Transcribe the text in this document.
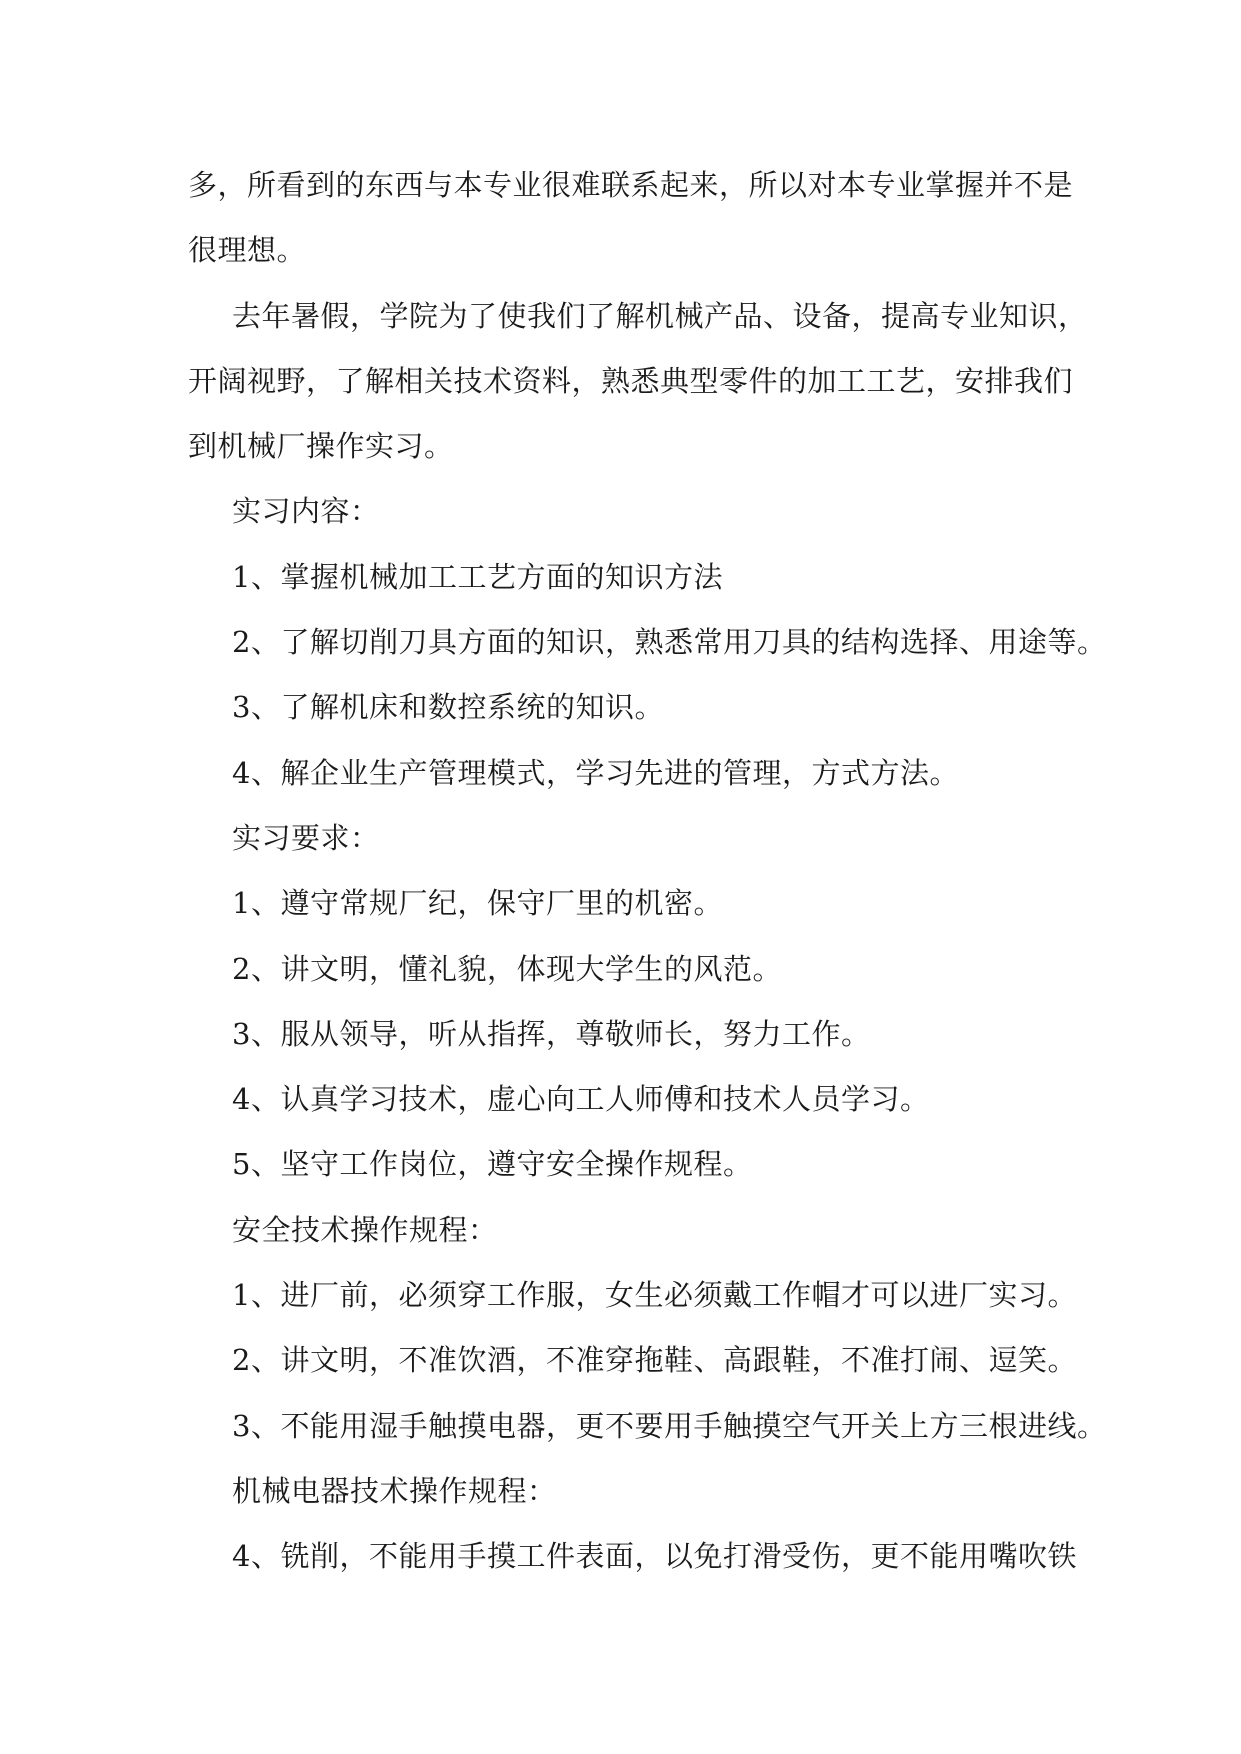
多，所看到的东西与本专业很难联系起来，所以对本专业掌握并不是
很理想。
去年暑假，学院为了使我们了解机械产品、设备，提高专业知识，
开阔视野，了解相关技术资料，熟悉典型零件的加工工艺，安排我们
到机械厂操作实习。
实习内容：
1、掌握机械加工工艺方面的知识方法
2、了解切削刀具方面的知识，熟悉常用刀具的结构选择、用途等。
3、了解机床和数控系统的知识。
4、解企业生产管理模式，学习先进的管理，方式方法。
实习要求：
1、遵守常规厂纪，保守厂里的机密。
2、讲文明，懂礼貌，体现大学生的风范。
3、服从领导，听从指挥，尊敬师长，努力工作。
4、认真学习技术，虚心向工人师傅和技术人员学习。
5、坚守工作岗位，遵守安全操作规程。
安全技术操作规程：
1、进厂前，必须穿工作服，女生必须戴工作帽才可以进厂实习。
2、讲文明，不准饮酒，不准穿拖鞋、高跟鞋，不准打闹、逗笑。
3、不能用湿手触摸电器，更不要用手触摸空气开关上方三根进线。
机械电器技术操作规程：
4、铣削，不能用手摸工件表面，以免打滑受伤，更不能用嘴吹铁
